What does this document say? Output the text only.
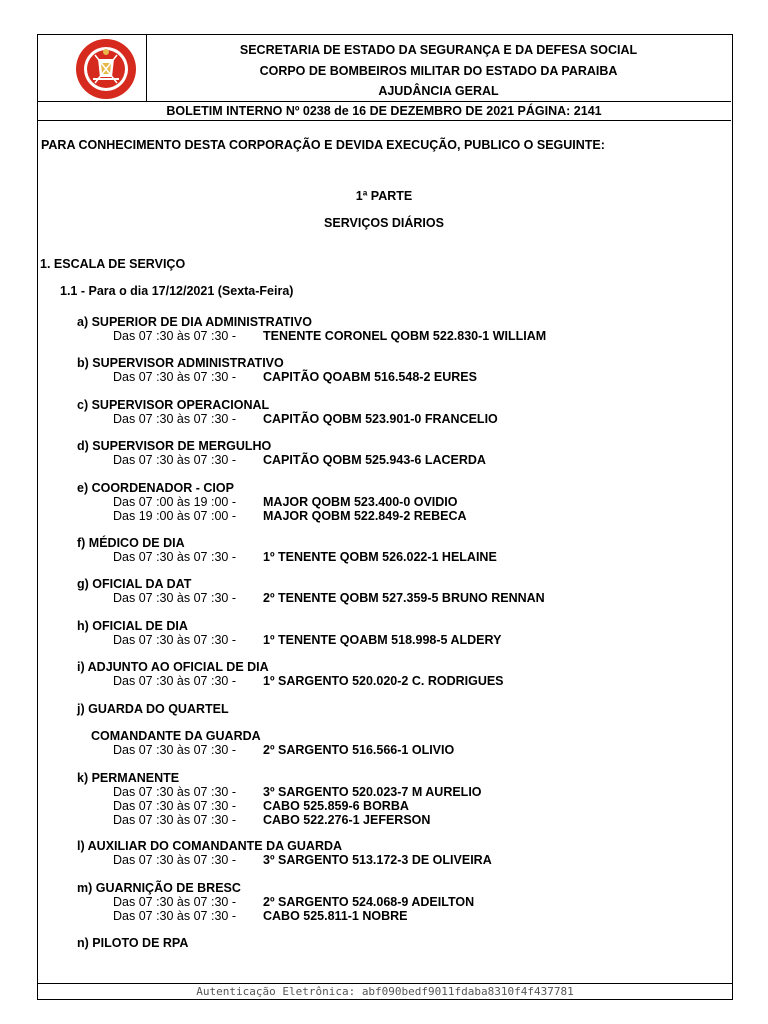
SECRETARIA DE ESTADO DA SEGURANÇA E DA DEFESA SOCIAL
CORPO DE BOMBEIROS MILITAR DO ESTADO DA PARAIBA
AJUDÂNCIA GERAL
BOLETIM INTERNO Nº 0238 de 16 DE DEZEMBRO DE 2021 PÁGINA: 2141
PARA CONHECIMENTO DESTA CORPORAÇÃO E DEVIDA EXECUÇÃO, PUBLICO O SEGUINTE:
1ª PARTE
SERVIÇOS DIÁRIOS
1. ESCALA DE SERVIÇO
1.1 - Para o dia 17/12/2021 (Sexta-Feira)
a) SUPERIOR DE DIA ADMINISTRATIVO
Das 07 :30 às 07 :30 - TENENTE CORONEL QOBM 522.830-1 WILLIAM
b) SUPERVISOR ADMINISTRATIVO
Das 07 :30 às 07 :30 - CAPITÃO QOABM 516.548-2 EURES
c) SUPERVISOR OPERACIONAL
Das 07 :30 às 07 :30 - CAPITÃO QOBM 523.901-0 FRANCELIO
d) SUPERVISOR DE MERGULHO
Das 07 :30 às 07 :30 - CAPITÃO QOBM 525.943-6 LACERDA
e) COORDENADOR - CIOP
Das 07 :00 às 19 :00 - MAJOR QOBM 523.400-0 OVIDIO
Das 19 :00 às 07 :00 - MAJOR QOBM 522.849-2 REBECA
f) MÉDICO DE DIA
Das 07 :30 às 07 :30 - 1º TENENTE QOBM 526.022-1 HELAINE
g) OFICIAL DA DAT
Das 07 :30 às 07 :30 - 2º TENENTE QOBM 527.359-5 BRUNO RENNAN
h) OFICIAL DE DIA
Das 07 :30 às 07 :30 - 1º TENENTE QOABM 518.998-5 ALDERY
i) ADJUNTO AO OFICIAL DE DIA
Das 07 :30 às 07 :30 - 1º SARGENTO 520.020-2 C. RODRIGUES
j) GUARDA DO QUARTEL
COMANDANTE DA GUARDA
Das 07 :30 às 07 :30 - 2º SARGENTO 516.566-1 OLIVIO
k) PERMANENTE
Das 07 :30 às 07 :30 - 3º SARGENTO 520.023-7 M AURELIO
Das 07 :30 às 07 :30 - CABO 525.859-6 BORBA
Das 07 :30 às 07 :30 - CABO 522.276-1 JEFERSON
l) AUXILIAR DO COMANDANTE DA GUARDA
Das 07 :30 às 07 :30 - 3º SARGENTO 513.172-3 DE OLIVEIRA
m) GUARNIÇÃO DE BRESC
Das 07 :30 às 07 :30 - 2º SARGENTO 524.068-9 ADEILTON
Das 07 :30 às 07 :30 - CABO 525.811-1 NOBRE
n) PILOTO DE RPA
Autenticação Eletrônica: abf090bedf9011fdaba8310f4f437781
